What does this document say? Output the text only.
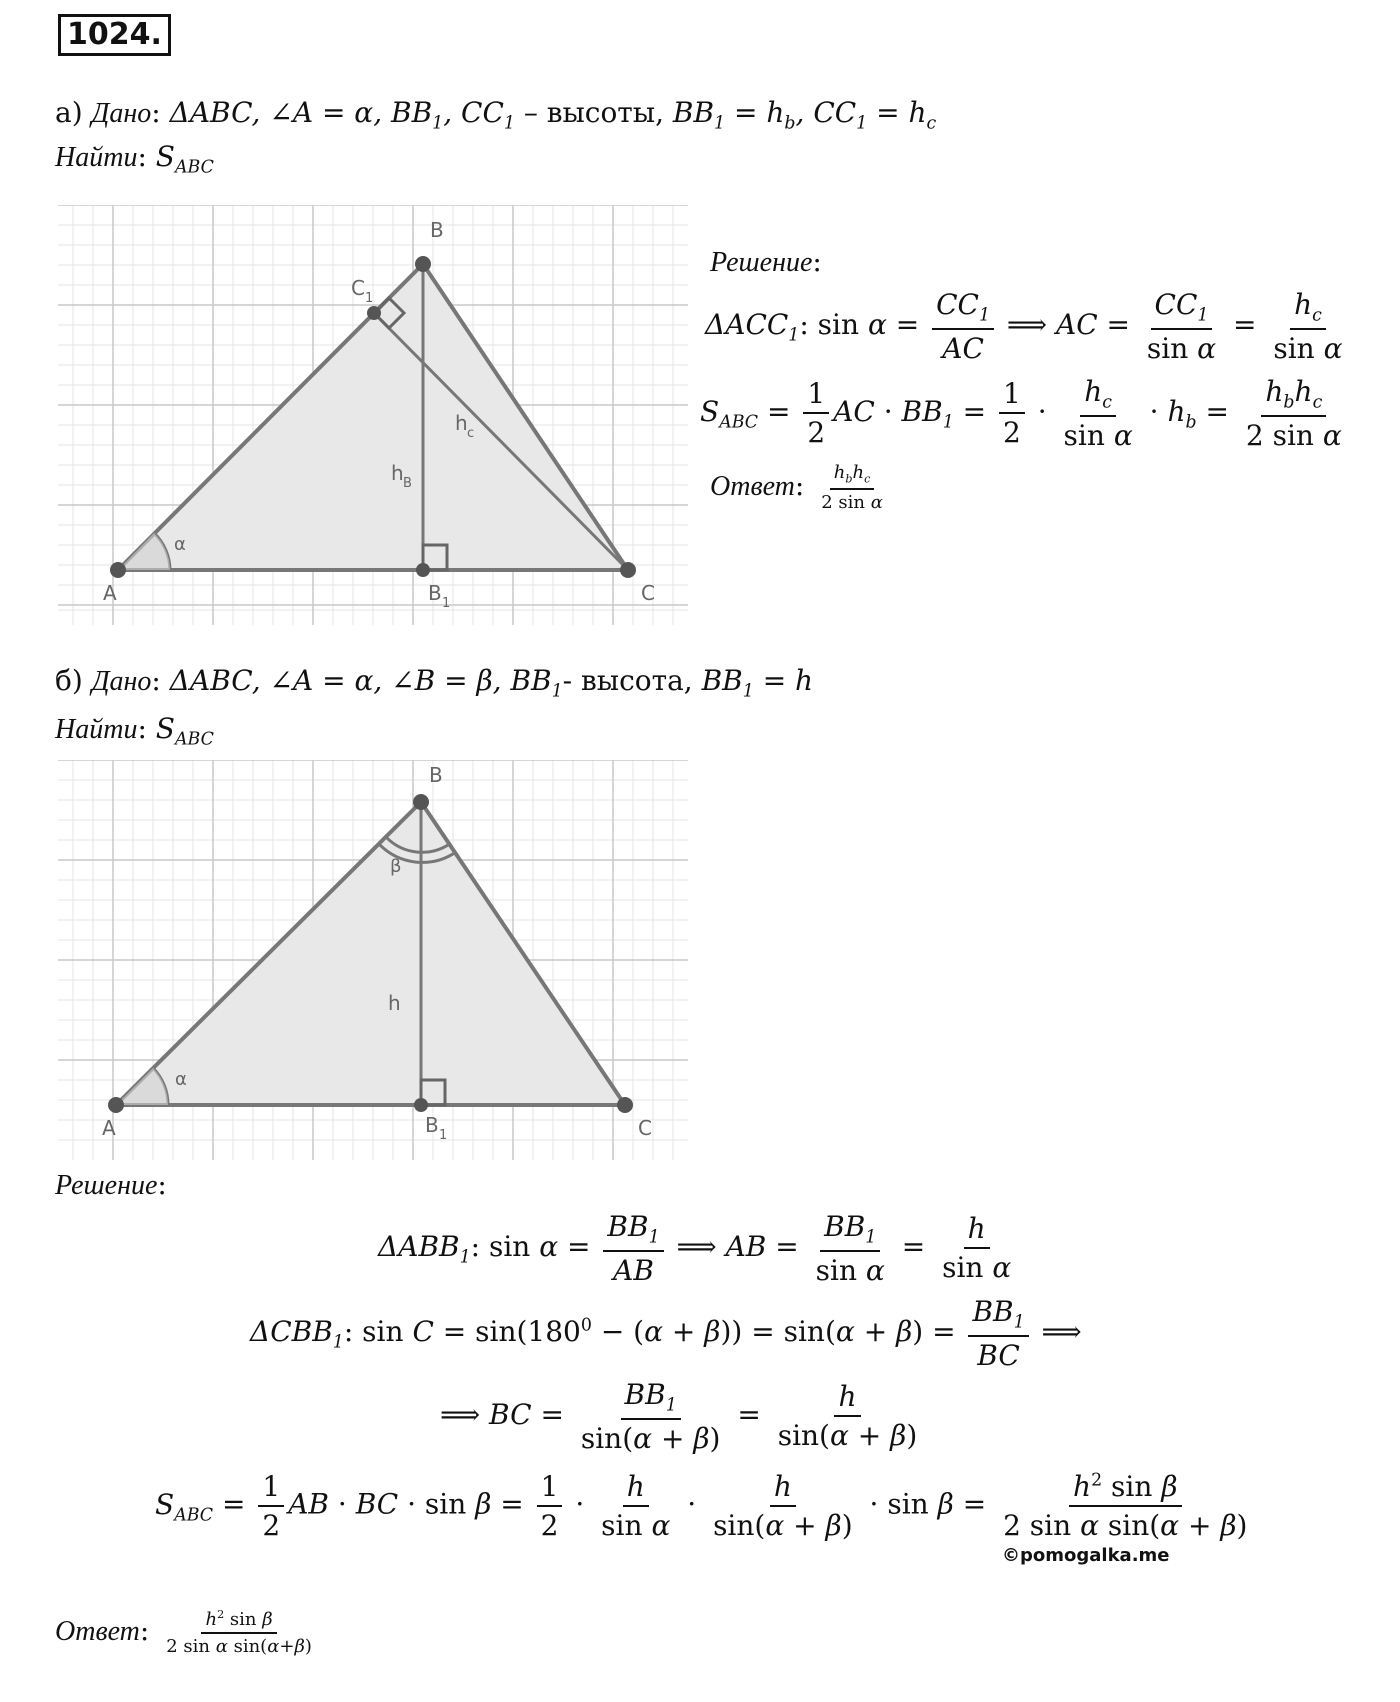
1024.
а) Дано: ΔABC, ∠A = α, $BB_1$, $CC_1$ – высоты, $BB_1 = h_b$, $CC_1 = h_c$
Найти: $S_{ABC}$
A
B
C
B 1
C 1
α
h B
h c
Решение:
$\Delta ACC_1$: $\sin \alpha = \frac{CC_1}{AC}$ ⟹ AC = $\frac{CC_1}{\text{sin α}} = \frac{h_c}{\text{sin α}}$
$S_{ABC} = \frac{1}{2}$ AC · $BB_1 = \frac{1}{2} \cdot \frac{h_c}{\text{sin α}} \cdot h_b = \frac{h_bh_c}{\text{2 sin α}}$
Ответ: $\frac{h_bh_c}{\text{2 sin α}}$
б) Дано: ΔABC, ∠A = α, ∠B = β, $BB_1-$ высота, $BB_1 = h$
Найти: $S_{ABC}$
A
B
C
B 1
α
β
h
Решение:
$\Delta ABB_1$: $\sin \alpha = \frac{BB_1}{AB}$ ⟹ AB = $\frac{BB_1}{\text{sin α}} = \frac{h}{\text{sin α}}$
$\Delta CBB_1$: $\sin C = \sin(180^0 - (\alpha + \beta)) = \sin(\alpha + \beta) = \frac{BB_1}{BC}$ ⟹
⟹ BC = $\frac{BB_1}{\sin(\alpha + \beta)} = \frac{h}{\sin(\alpha + \beta)}$
$S_{ABC} = \frac{1}{2}$ AB · BC · $\sin \beta = \frac{1}{2} \cdot \frac{h}{\text{sin α}} \cdot \frac{h}{\sin(\alpha + \beta)} \cdot \sin \beta = \frac{h^2 \sin \beta}{\text{2 sin α sin(α + β)}}$
©pomogalka.me
Ответ: $\frac{h^2 \sin \beta}{\text{2 sin α sin(α+β)}}$
